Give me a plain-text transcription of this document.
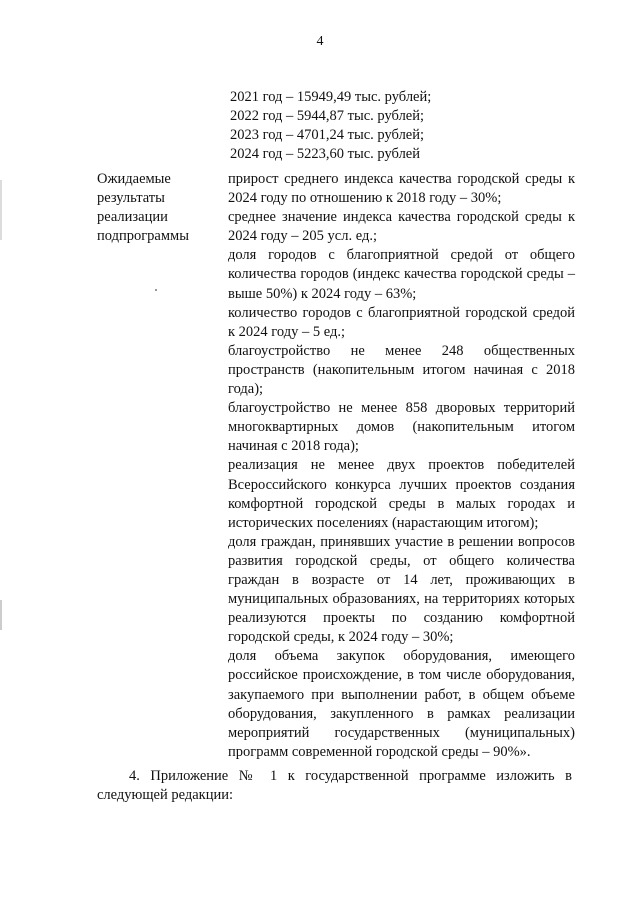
4
2021 год – 15949,49 тыс. рублей;
2022 год – 5944,87 тыс. рублей;
2023 год – 4701,24 тыс. рублей;
2024 год – 5223,60 тыс. рублей
Ожидаемые
результаты
реализации
подпрограммы

прирост среднего индекса качества городской среды к 2024 году по отношению к 2018 году – 30%;

среднее значение индекса качества городской среды к 2024 году – 205 усл. ед.;

доля городов с благоприятной средой от общего количества городов (индекс качества городской среды – выше 50%) к 2024 году – 63%;

количество городов с благоприятной городской средой к 2024 году – 5 ед.;

благоустройство не менее 248 общественных пространств (накопительным итогом начиная с 2018 года);

благоустройство не менее 858 дворовых территорий многоквартирных домов (накопительным итогом начиная с 2018 года);

реализация не менее двух проектов победителей Всероссийского конкурса лучших проектов создания комфортной городской среды в малых городах и исторических поселениях (нарастающим итогом);

доля граждан, принявших участие в решении вопросов развития городской среды, от общего количества граждан в возрасте от 14 лет, проживающих в муниципальных образованиях, на территориях которых реализуются проекты по созданию комфортной городской среды, к 2024 году – 30%;

доля объема закупок оборудования, имеющего российское происхождение, в том числе оборудования, закупаемого при выполнении работ, в общем объеме оборудования, закупленного в рамках реализации мероприятий государственных (муниципальных) программ современной городской среды – 90%».

4. Приложение № 1 к государственной программе изложить в следующей редакции:
